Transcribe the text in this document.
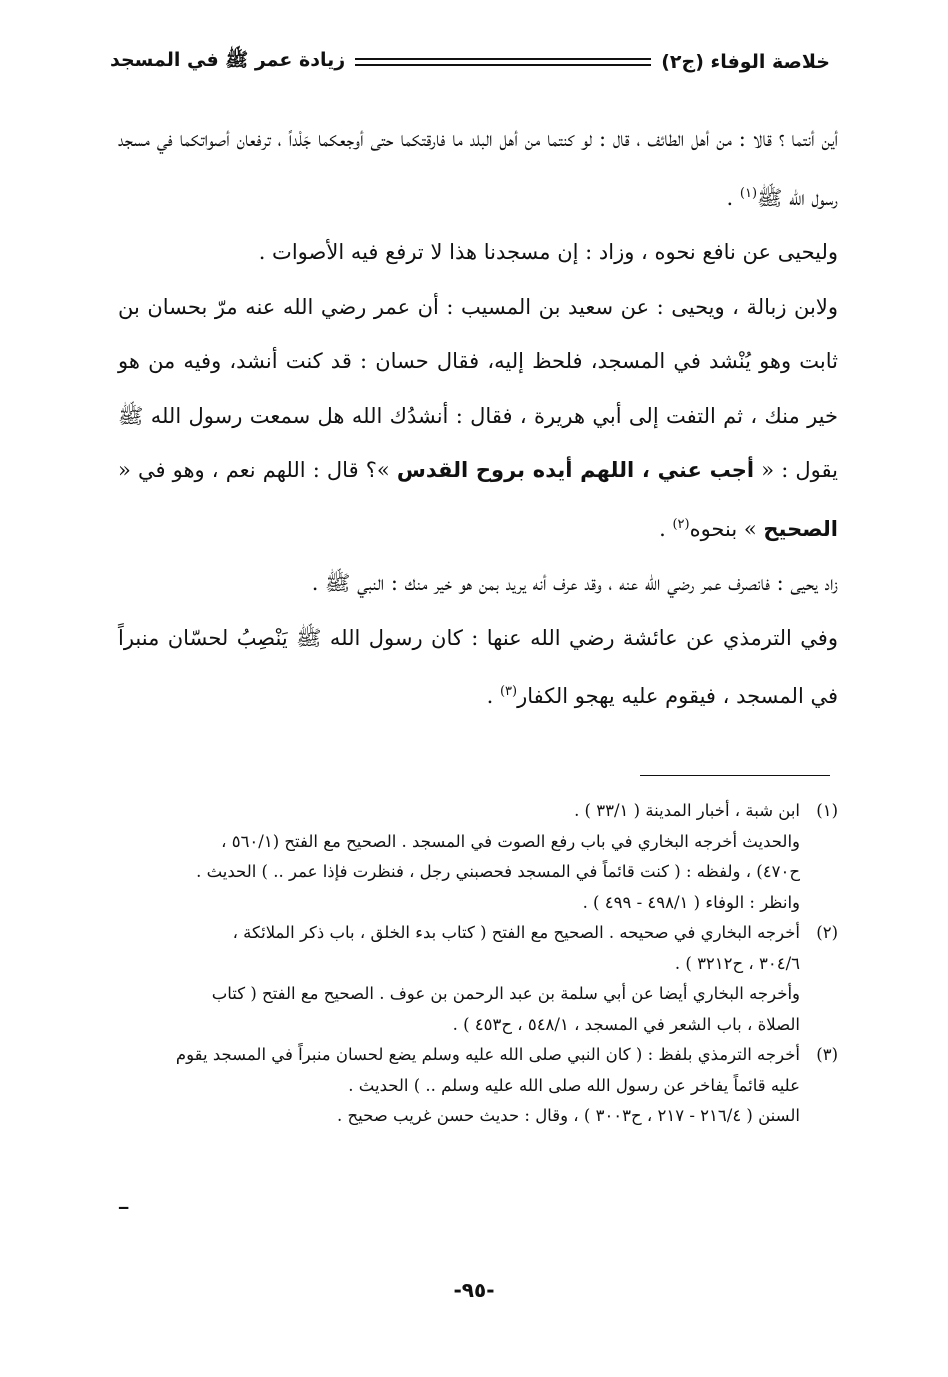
خلاصة الوفاء (ج٢)
زيادة عمر ﷺ في المسجد

أين أنتما ؟ قالا : من أهل الطائف ، قال : لو كنتما من أهل البلد ما فارقتكما حتى أوجعكما جَلْداً ، ترفعان أصواتكما في مسجد رسول الله ﷺ$^{(١)}$ .

وليحيى عن نافع نحوه ، وزاد : إن مسجدنا هذا لا ترفع فيه الأصوات .

ولابن زبالة ، ويحيى : عن سعيد بن المسيب : أن عمر رضي الله عنه مرّ بحسان بن ثابت وهو يُنْشد في المسجد، فلحظ إليه، فقال حسان : قد كنت أنشد، وفيه من هو خير منك ، ثم التفت إلى أبي هريرة ، فقال : أنشدُك الله هل سمعت رسول الله ﷺ يقول : « أجب عني ، اللهم أيده بروح القدس »؟ قال : اللهم نعم ، وهو في « الصحيح » بنحوه$^{(٢)}$ .

زاد يحيى : فانصرف عمر رضي الله عنه ، وقد عرف أنه يريد بمن هو خير منك : النبي ﷺ .

وفي الترمذي عن عائشة رضي الله عنها : كان رسول الله ﷺ يَنْصِبُ لحسّان منبراً في المسجد ، فيقوم عليه يهجو الكفار$^{(٣)}$ .

(١)
ابن شبة ، أخبار المدينة ( ٣٣/١ ) .
والحديث أخرجه البخاري في باب رفع الصوت في المسجد . الصحيح مع الفتح (٥٦٠/١ ،
ح٤٧٠) ، ولفظه : ( كنت قائماً في المسجد فحصبني رجل ، فنظرت فإذا عمر .. ) الحديث .
وانظر : الوفاء ( ٤٩٨/١ - ٤٩٩ ) .
(٢)
أخرجه البخاري في صحيحه . الصحيح مع الفتح ( كتاب بدء الخلق ، باب ذكر الملائكة ،
٣٠٤/٦ ، ح٣٢١٢ ) .
وأخرجه البخاري أيضا عن أبي سلمة بن عبد الرحمن بن عوف . الصحيح مع الفتح ( كتاب
الصلاة ، باب الشعر في المسجد ، ٥٤٨/١ ، ح٤٥٣ ) .
(٣)
أخرجه الترمذي بلفظ : ( كان النبي صلى الله عليه وسلم يضع لحسان منبراً في المسجد يقوم
عليه قائماً يفاخر عن رسول الله صلى الله عليه وسلم .. ) الحديث .
السنن ( ٢١٦/٤ - ٢١٧ ، ح٣٠٠٣ ) ، وقال : حديث حسن غريب صحيح .
--
-٩٥-
